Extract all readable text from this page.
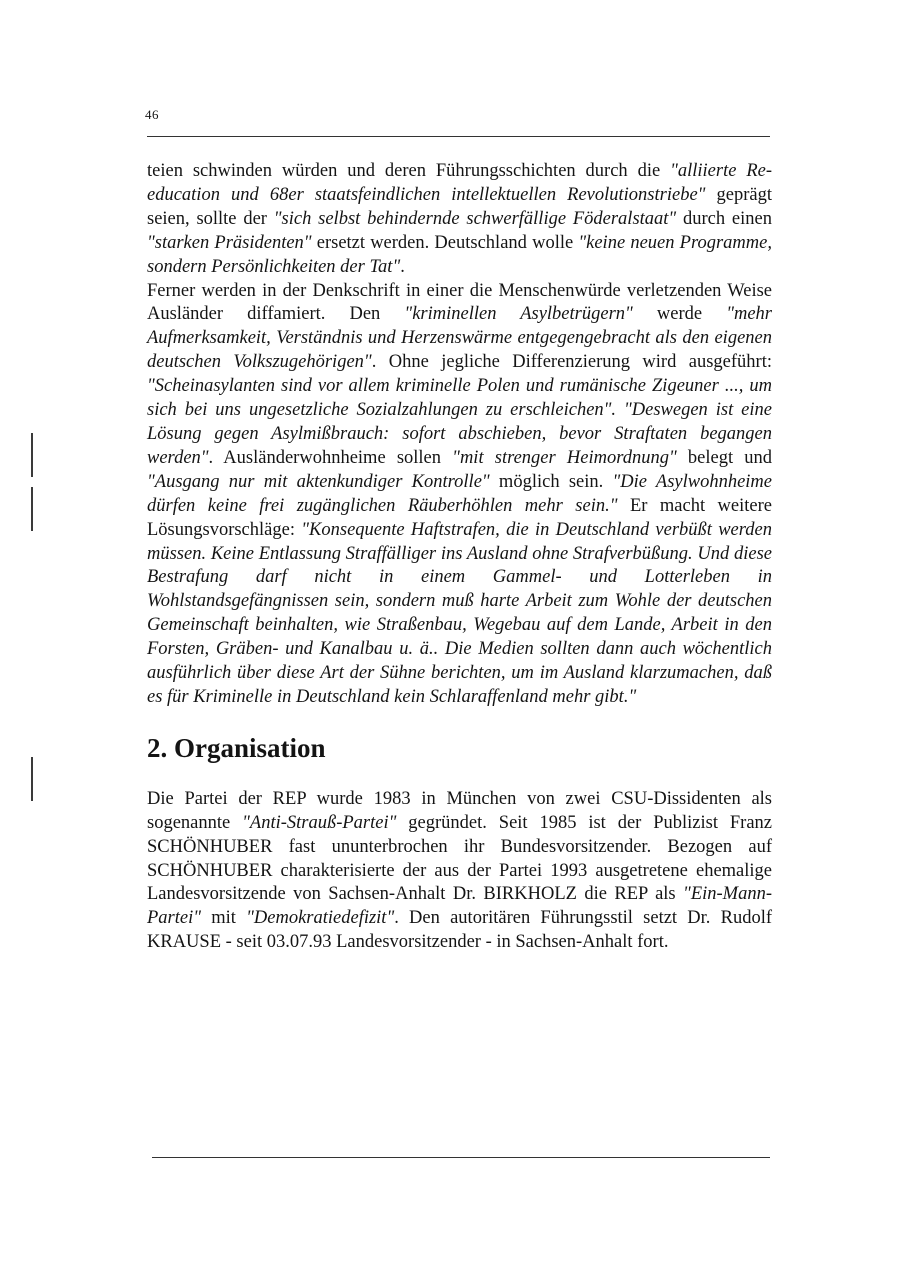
46

teien schwinden würden und deren Führungsschichten durch die "alliierte Re-education und 68er staatsfeindlichen intellektuellen Revolutionstriebe" geprägt seien, sollte der "sich selbst behindernde schwerfällige Föderalstaat" durch einen "starken Präsidenten" ersetzt werden. Deutschland wolle "keine neuen Programme, sondern Persönlichkeiten der Tat".

Ferner werden in der Denkschrift in einer die Menschenwürde verletzenden Weise Ausländer diffamiert. Den "kriminellen Asylbetrügern" werde "mehr Aufmerksamkeit, Verständnis und Herzenswärme entgegengebracht als den eigenen deutschen Volkszugehörigen". Ohne jegliche Differenzierung wird ausgeführt: "Scheinasylanten sind vor allem kriminelle Polen und rumänische Zigeuner ..., um sich bei uns ungesetzliche Sozialzahlungen zu erschleichen". "Deswegen ist eine Lösung gegen Asylmißbrauch: sofort abschieben, bevor Straftaten begangen werden". Ausländerwohnheime sollen "mit strenger Heimordnung" belegt und "Ausgang nur mit aktenkundiger Kontrolle" möglich sein. "Die Asylwohnheime dürfen keine frei zugänglichen Räuberhöhlen mehr sein." Er macht weitere Lösungsvorschläge: "Konsequente Haftstrafen, die in Deutschland verbüßt werden müssen. Keine Entlassung Straffälliger ins Ausland ohne Strafverbüßung. Und diese Bestrafung darf nicht in einem Gammel- und Lotterleben in Wohlstandsgefängnissen sein, sondern muß harte Arbeit zum Wohle der deutschen Gemeinschaft beinhalten, wie Straßenbau, Wegebau auf dem Lande, Arbeit in den Forsten, Gräben- und Kanalbau u. ä.. Die Medien sollten dann auch wöchentlich ausführlich über diese Art der Sühne berichten, um im Ausland klarzumachen, daß es für Kriminelle in Deutschland kein Schlaraffenland mehr gibt."

2. Organisation

Die Partei der REP wurde 1983 in München von zwei CSU-Dissidenten als sogenannte "Anti-Strauß-Partei" gegründet. Seit 1985 ist der Publizist Franz SCHÖNHUBER fast ununterbrochen ihr Bundesvorsitzender. Bezogen auf SCHÖNHUBER charakterisierte der aus der Partei 1993 ausgetretene ehemalige Landesvorsitzende von Sachsen-Anhalt Dr. BIRKHOLZ die REP als "Ein-Mann-Partei" mit "Demokratiedefizit". Den autoritären Führungsstil setzt Dr. Rudolf KRAUSE - seit 03.07.93 Landesvorsitzender - in Sachsen-Anhalt fort.
